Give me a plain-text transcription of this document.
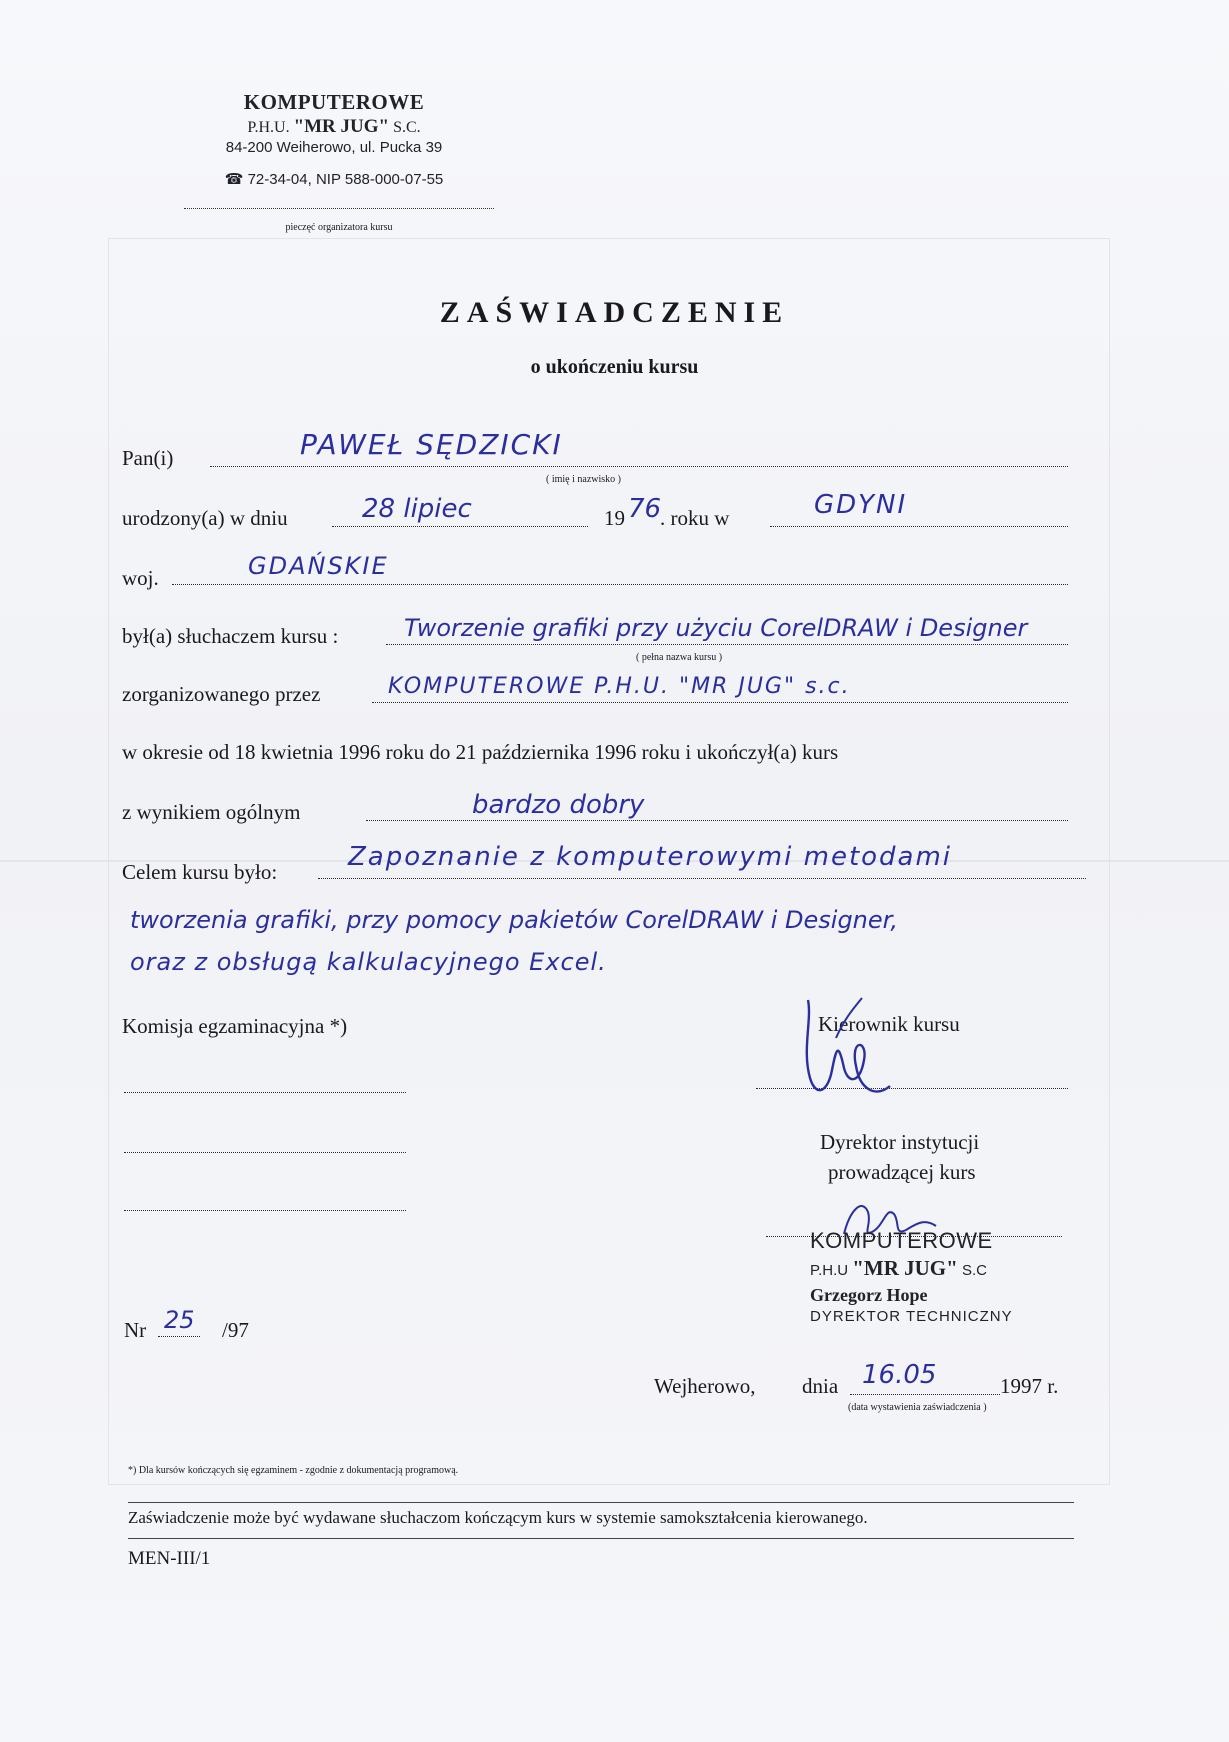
KOMPUTEROWE
P.H.U. "MR JUG" S.C.
84-200 Weiherowo, ul. Pucka 39
☎ 72-34-04, NIP 588-000-07-55
pieczęć organizatora kursu
ZAŚWIADCZENIE
o ukończeniu kursu
Pan(i)	PAWEŁ SĘDZICKI
( imię i nazwisko )
urodzony(a) w dniu	28 lipiec	19 76
. roku w	GDYNI
woj.	GDAŃSKIE
był(a) słuchaczem kursu :	Tworzenie grafiki przy użyciu CorelDRAW i Designer
( pełna nazwa kursu )
zorganizowanego przez	KOMPUTEROWE P.H.U. "MR JUG" s.c.
w okresie od 18 kwietnia 1996 roku do 21 października 1996 roku i ukończył(a) kurs
z wynikiem ogólnym	bardzo dobry
Celem kursu było:	Zapoznanie z komputerowymi metodami
tworzenia grafiki, przy pomocy pakietów CorelDRAW i Designer,
oraz z obsługą kalkulacyjnego Excel.
Komisja egzaminacyjna *)	Kierownik kursu
Dyrektor instytucji
prowadzącej kurs
KOMPUTEROWE
P.H.U "MR JUG" S.C
Grzegorz Hope
DYREKTOR TECHNICZNY
Nr 25 /97
Wejherowo, dnia 16.05	1997 r.
(data wystawienia zaświadczenia )
*) Dla kursów kończących się egzaminem - zgodnie z dokumentacją programową.
Zaświadczenie może być wydawane słuchaczom kończącym kurs w systemie samokształcenia kierowanego.
MEN-III/1
